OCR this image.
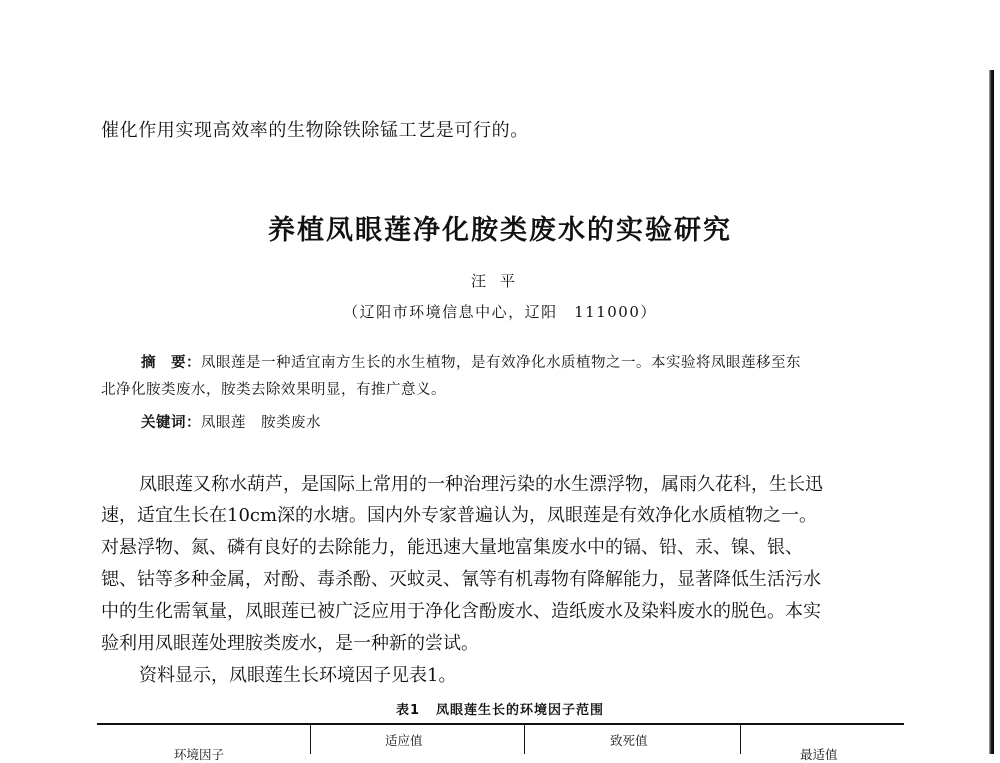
催化作用实现高效率的生物除铁除锰工艺是可行的。
养植凤眼莲净化胺类废水的实验研究
汪平
（辽阳市环境信息中心，辽阳　111000）
摘　要：凤眼莲是一种适宜南方生长的水生植物，是有效净化水质植物之一。本实验将凤眼莲移至东
北净化胺类废水，胺类去除效果明显，有推广意义。
关键词：凤眼莲　胺类废水
凤眼莲又称水葫芦，是国际上常用的一种治理污染的水生漂浮物，属雨久花科，生长迅
速，适宜生长在10cm深的水塘。国内外专家普遍认为，凤眼莲是有效净化水质植物之一。
对悬浮物、氮、磷有良好的去除能力，能迅速大量地富集废水中的镉、铅、汞、镍、银、
锶、钴等多种金属，对酚、毒杀酚、灭蚊灵、氰等有机毒物有降解能力，显著降低生活污水
中的生化需氧量，凤眼莲已被广泛应用于净化含酚废水、造纸废水及染料废水的脱色。本实
验利用凤眼莲处理胺类废水，是一种新的尝试。
资料显示，凤眼莲生长环境因子见表1。
表1 凤眼莲生长的环境因子范围
环境因子
适应值	致死值
最适值
